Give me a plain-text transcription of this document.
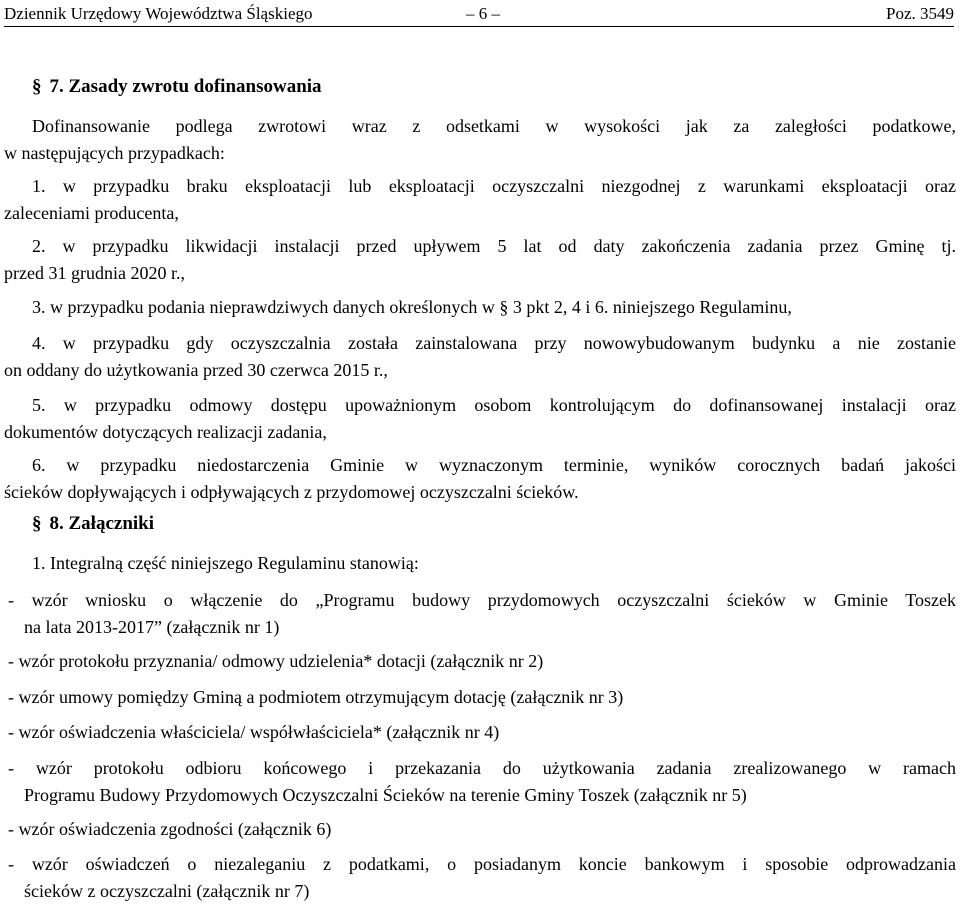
Dziennik Urzędowy Województwa Śląskiego	– 6 –	Poz. 3549
§ 7. Zasady zwrotu dofinansowania
Dofinansowanie podlega zwrotowi wraz z odsetkami w wysokości jak za zaległości podatkowe,
w następujących przypadkach:
1. w przypadku braku eksploatacji lub eksploatacji oczyszczalni niezgodnej z warunkami eksploatacji oraz
zaleceniami producenta,
2. w przypadku likwidacji instalacji przed upływem 5 lat od daty zakończenia zadania przez Gminę tj.
przed 31 grudnia 2020 r.,
3. w przypadku podania nieprawdziwych danych określonych w § 3 pkt 2, 4 i 6. niniejszego Regulaminu,
4. w przypadku gdy oczyszczalnia została zainstalowana przy nowowybudowanym budynku a nie zostanie
on oddany do użytkowania przed 30 czerwca 2015 r.,
5. w przypadku odmowy dostępu upoważnionym osobom kontrolującym do dofinansowanej instalacji oraz
dokumentów dotyczących realizacji zadania,
6. w przypadku niedostarczenia Gminie w wyznaczonym terminie, wyników corocznych badań jakości
ścieków dopływających i odpływających z przydomowej oczyszczalni ścieków.
§ 8. Załączniki
1. Integralną część niniejszego Regulaminu stanowią:
- wzór wniosku o włączenie do „Programu budowy przydomowych oczyszczalni ścieków w Gminie Toszek
na lata 2013-2017” (załącznik nr 1)
- wzór protokołu przyznania/ odmowy udzielenia* dotacji (załącznik nr 2)
- wzór umowy pomiędzy Gminą a podmiotem otrzymującym dotację (załącznik nr 3)
- wzór oświadczenia właściciela/ współwłaściciela* (załącznik nr 4)
- wzór protokołu odbioru końcowego i przekazania do użytkowania zadania zrealizowanego w ramach
Programu Budowy Przydomowych Oczyszczalni Ścieków na terenie Gminy Toszek (załącznik nr 5)
- wzór oświadczenia zgodności (załącznik 6)
- wzór oświadczeń o niezaleganiu z podatkami, o posiadanym koncie bankowym i sposobie odprowadzania
ścieków z oczyszczalni (załącznik nr 7)
